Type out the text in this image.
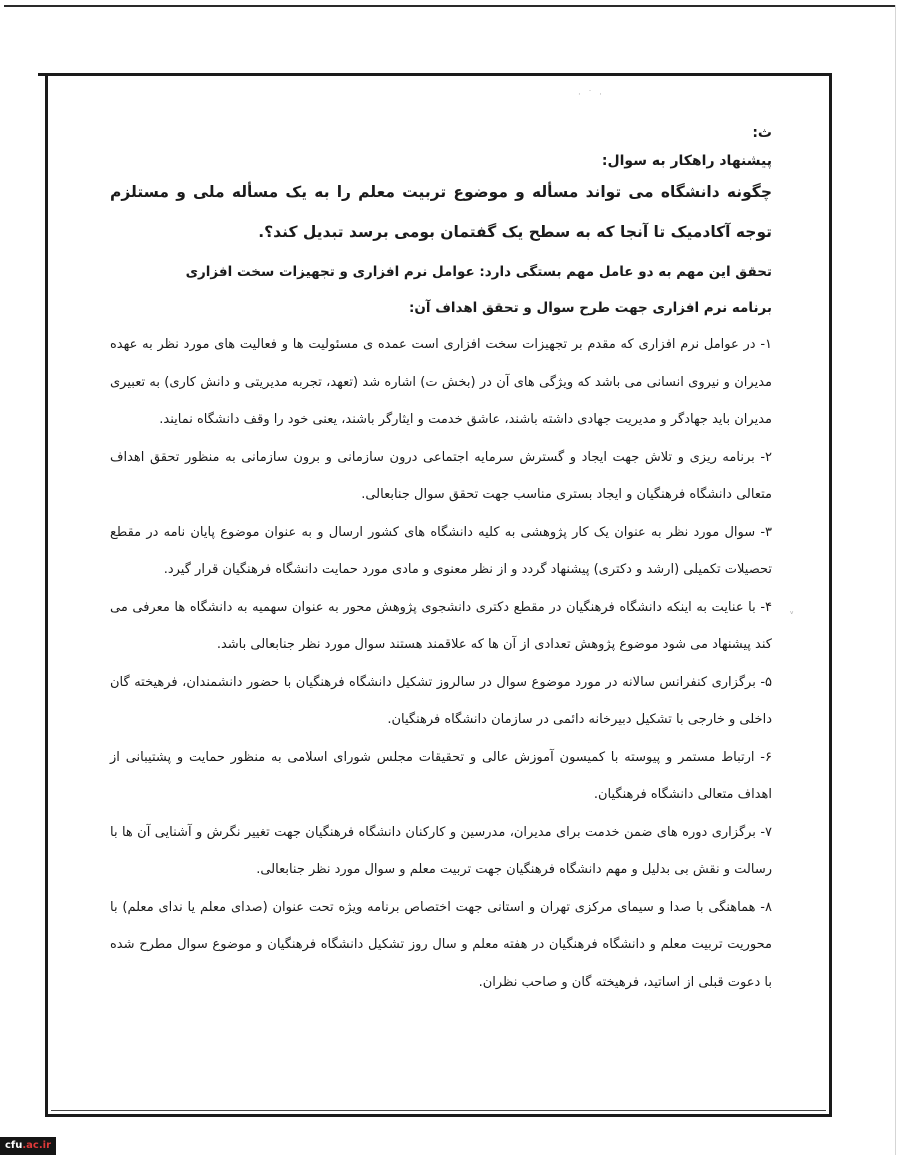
· ˙ ·
ᵛ
ث:
پیشنهاد راهکار به سوال:
چگونه دانشگاه می تواند مسأله و موضوع تربیت معلم را به یک مسأله ملی و مستلزم توجه آکادمیک تا آنجا که به سطح یک گفتمان بومی برسد تبدیل کند؟.
تحقق این مهم به دو عامل مهم بستگی دارد: عوامل نرم افزاری و تجهیزات سخت افزاری
برنامه نرم افزاری جهت طرح سوال و تحقق اهداف آن:
۱- در عوامل نرم افزاری که مقدم بر تجهیزات سخت افزاری است عمده ی مسئولیت ها و فعالیت های مورد نظر به عهده مدیران و نیروی انسانی می باشد که ویژگی های آن در (بخش ت) اشاره شد (تعهد، تجربه مدیریتی و دانش کاری) به تعبیری مدیران باید جهادگر و مدیریت جهادی داشته باشند، عاشق خدمت و ایثارگر باشند، یعنی خود را وقف دانشگاه نمایند.
۲- برنامه ریزی و تلاش جهت ایجاد و گسترش سرمایه اجتماعی درون سازمانی و برون سازمانی به منظور تحقق اهداف متعالی دانشگاه فرهنگیان و ایجاد بستری مناسب جهت تحقق سوال جنابعالی.
۳- سوال مورد نظر به عنوان یک کار پژوهشی به کلیه دانشگاه های کشور ارسال و به عنوان موضوع پایان نامه در مقطع تحصیلات تکمیلی (ارشد و دکتری) پیشنهاد گردد و از نظر معنوی و مادی مورد حمایت دانشگاه فرهنگیان قرار گیرد.
۴- با عنایت به اینکه دانشگاه فرهنگیان در مقطع دکتری دانشجوی پژوهش محور به عنوان سهمیه به دانشگاه ها معرفی می کند پیشنهاد می شود موضوع پژوهش تعدادی از آن ها که علاقمند هستند سوال مورد نظر جنابعالی باشد.
۵- برگزاری کنفرانس سالانه در مورد موضوع سوال در سالروز تشکیل دانشگاه فرهنگیان با حضور دانشمندان، فرهیخته گان داخلی و خارجی با تشکیل دبیرخانه دائمی در سازمان دانشگاه فرهنگیان.
۶- ارتباط مستمر و پیوسته با کمیسون آموزش عالی و تحقیقات مجلس شورای اسلامی به منظور حمایت و پشتیبانی از اهداف متعالی دانشگاه فرهنگیان.
۷- برگزاری دوره های ضمن خدمت برای مدیران، مدرسین و کارکنان دانشگاه فرهنگیان جهت تغییر نگرش و آشنایی آن ها با رسالت و نقش بی بدلیل و مهم دانشگاه فرهنگیان جهت تربیت معلم و سوال مورد نظر جنابعالی.
۸- هماهنگی با صدا و سیمای مرکزی تهران و استانی جهت اختصاص برنامه ویژه تحت عنوان (صدای معلم یا ندای معلم) با محوریت تربیت معلم و دانشگاه فرهنگیان در هفته معلم و سال روز تشکیل دانشگاه فرهنگیان و موضوع سوال مطرح شده با دعوت قبلی از اساتید، فرهیخته گان و صاحب نظران.
cfu.ac.ir
